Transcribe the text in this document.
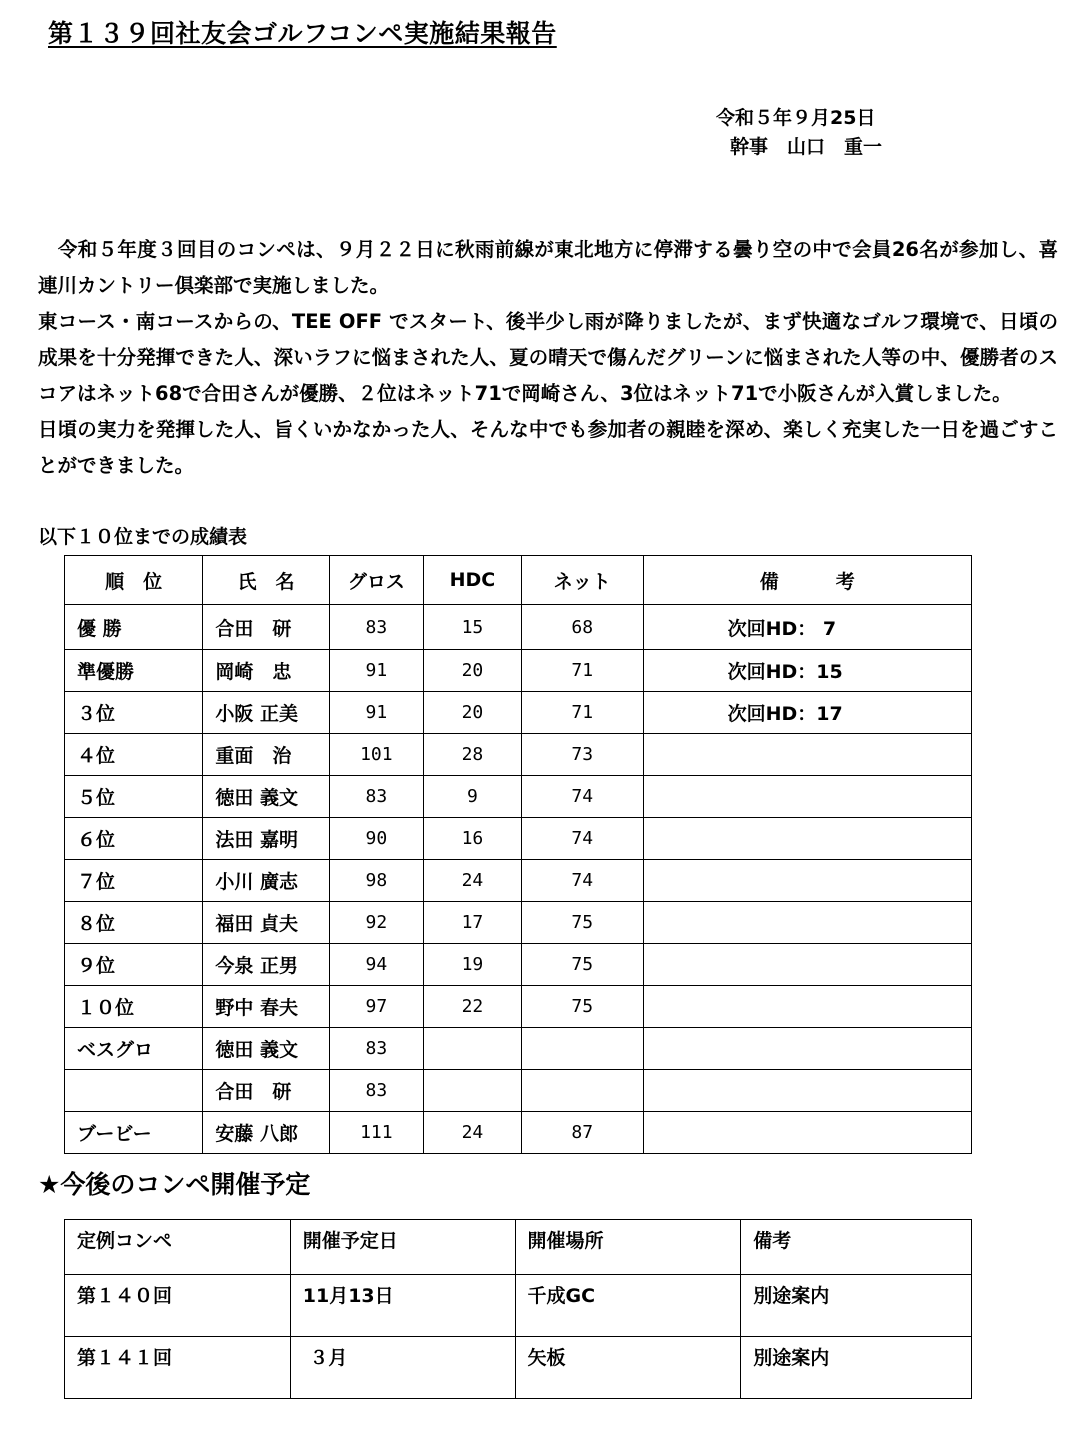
第１３９回社友会ゴルフコンペ実施結果報告
令和５年９月25日
幹事　山口　重一

　令和５年度３回目のコンペは、９月２２日に秋雨前線が東北地方に停滞する曇り空の中で会員26名が参加し、喜連川カントリー倶楽部で実施しました。

東コース・南コースからの、TEE OFF でスタート、後半少し雨が降りましたが、まず快適なゴルフ環境で、日頃の成果を十分発揮できた人、深いラフに悩まされた人、夏の晴天で傷んだグリーンに悩まされた人等の中、優勝者のスコアはネット68で合田さんが優勝、２位はネット71で岡崎さん、3位はネット71で小阪さんが入賞しました。

日頃の実力を発揮した人、旨くいかなかった人、そんな中でも参加者の親睦を深め、楽しく充実した一日を過ごすことができました。

以下１０位までの成績表
順　位	氏　名	グロス	HDC	ネット	備　　　考
優 勝	合田　研	83	15	68	次回HD： 7
準優勝	岡崎　忠	91	20	71	次回HD：15
３位	小阪 正美	91	20	71	次回HD：17
４位	重面　治	101	28	73	
５位	徳田 義文	83	9	74	
６位	法田 嘉明	90	16	74	
７位	小川 廣志	98	24	74	
８位	福田 貞夫	92	17	75	
９位	今泉 正男	94	19	75	
１０位	野中 春夫	97	22	75	
ベスグロ	徳田 義文	83			
	合田　研	83			
ブービー	安藤 八郎	111	24	87	
★今後のコンペ開催予定
定例コンペ	開催予定日	開催場所	備考
第１４０回	11月13日	千成GC	別途案内
第１４１回	３月	矢板	別途案内
